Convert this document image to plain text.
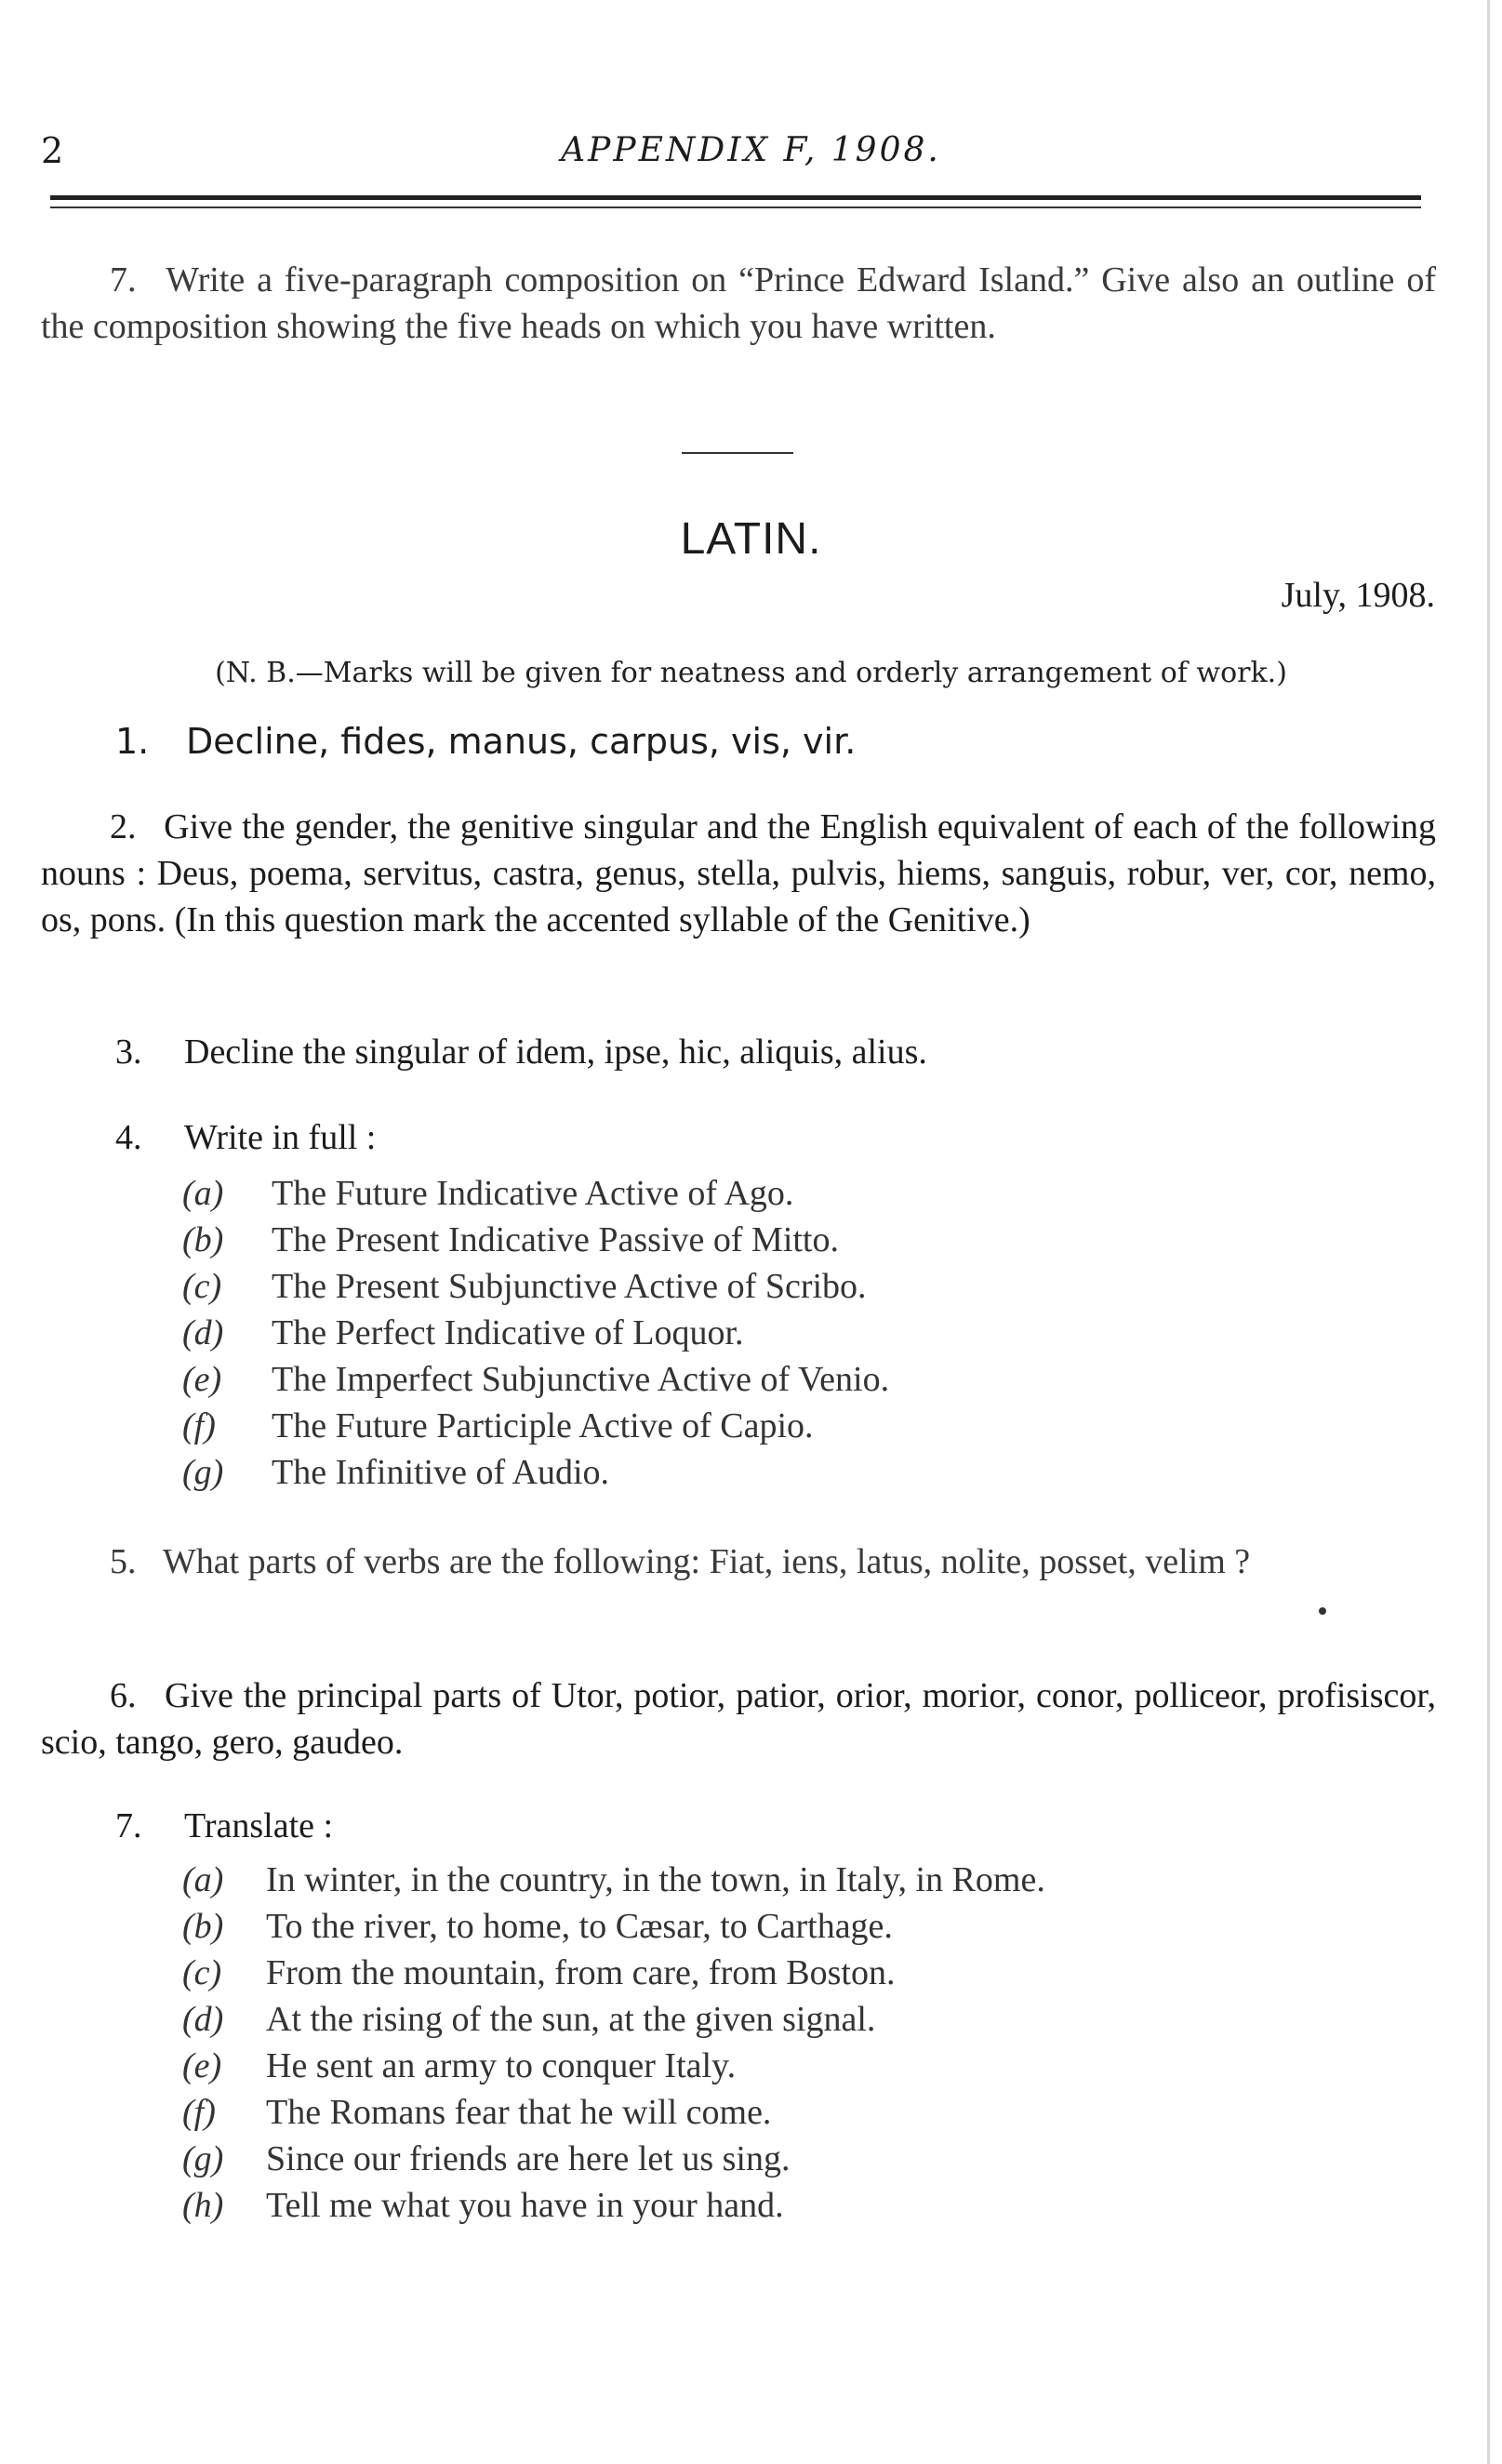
2	APPENDIX F, 1908.

7. Write a five-paragraph composition on “Prince Edward Island.” Give also an outline of the composition showing the five heads on which you have written.

LATIN.
July, 1908.
(N. B.—Marks will be given for neatness and orderly arrangement of work.)
1. Decline, fides, manus, carpus, vis, vir.

2. Give the gender, the genitive singular and the English equivalent of each of the following nouns : Deus, poema, servitus, castra, genus, stella, pulvis, hiems, sanguis, robur, ver, cor, nemo, os, pons. (In this question mark the accented syllable of the Genitive.)

3. Decline the singular of idem, ipse, hic, aliquis, alius.
4. Write in full :
(a) The Future Indicative Active of Ago.
(b) The Present Indicative Passive of Mitto.
(c) The Present Subjunctive Active of Scribo.
(d) The Perfect Indicative of Loquor.
(e) The Imperfect Subjunctive Active of Venio.
(f) The Future Participle Active of Capio.
(g) The Infinitive of Audio.

5. What parts of verbs are the following: Fiat, iens, latus, nolite, posset, velim ?

6. Give the principal parts of Utor, potior, patior, orior, morior, conor, polliceor, profisiscor, scio, tango, gero, gaudeo.

7. Translate :
(a) In winter, in the country, in the town, in Italy, in Rome.
(b) To the river, to home, to Cæsar, to Carthage.
(c) From the mountain, from care, from Boston.
(d) At the rising of the sun, at the given signal.
(e) He sent an army to conquer Italy.
(f) The Romans fear that he will come.
(g) Since our friends are here let us sing.
(h) Tell me what you have in your hand.
